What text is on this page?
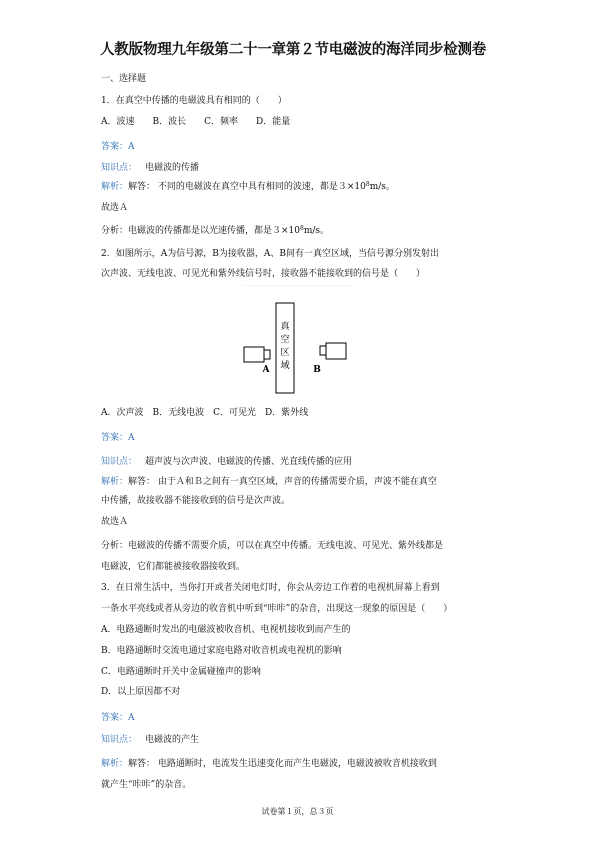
人教版物理九年级第二十一章第２节电磁波的海洋同步检测卷
一、选择题
1．在真空中传播的电磁波具有相同的（　　）
A．波速　　B．波长　　C．频率　　D．能量
答案：A
知识点： 电磁波的传播
解析：解答： 不同的电磁波在真空中具有相同的波速，都是$3\times 10^8m/s$。
故选Ａ
分析：电磁波的传播都是以光速传播，都是$3\times 10^8m/s$。
2．如图所示，A为信号源，B为接收器，A、B间有一真空区域，当信号源分别发射出
次声波、无线电波、可见光和紫外线信号时，接收器不能接收到的信号是（　　）
真
空
区
域
A	B
A．次声波　B．无线电波　C．可见光　D．紫外线
答案：A
知识点： 超声波与次声波、电磁波的传播、光直线传播的应用
解析：解答： 由于Ａ和Ｂ之间有一真空区域，声音的传播需要介质，声波不能在真空
中传播，故接收器不能接收到的信号是次声波。
故选Ａ
分析：电磁波的传播不需要介质，可以在真空中传播。无线电波、可见光、紫外线都是
电磁波，它们都能被接收器接收到。
3．在日常生活中，当你打开或者关闭电灯时，你会从旁边工作着的电视机屏幕上看到
一条水平亮线或者从旁边的收音机中听到“咔咔”的杂音，出现这一现象的原因是（　　）
A．电路通断时发出的电磁波被收音机、电视机接收到而产生的
B．电路通断时交流电通过家庭电路对收音机或电视机的影响
C．电路通断时开关中金属碰撞声的影响
D．以上原因都不对
答案：A
知识点： 电磁波的产生
解析：解答： 电路通断时，电流发生迅速变化而产生电磁波，电磁波被收音机接收到
就产生“咔咔”的杂音。
试卷第１页，总３页
